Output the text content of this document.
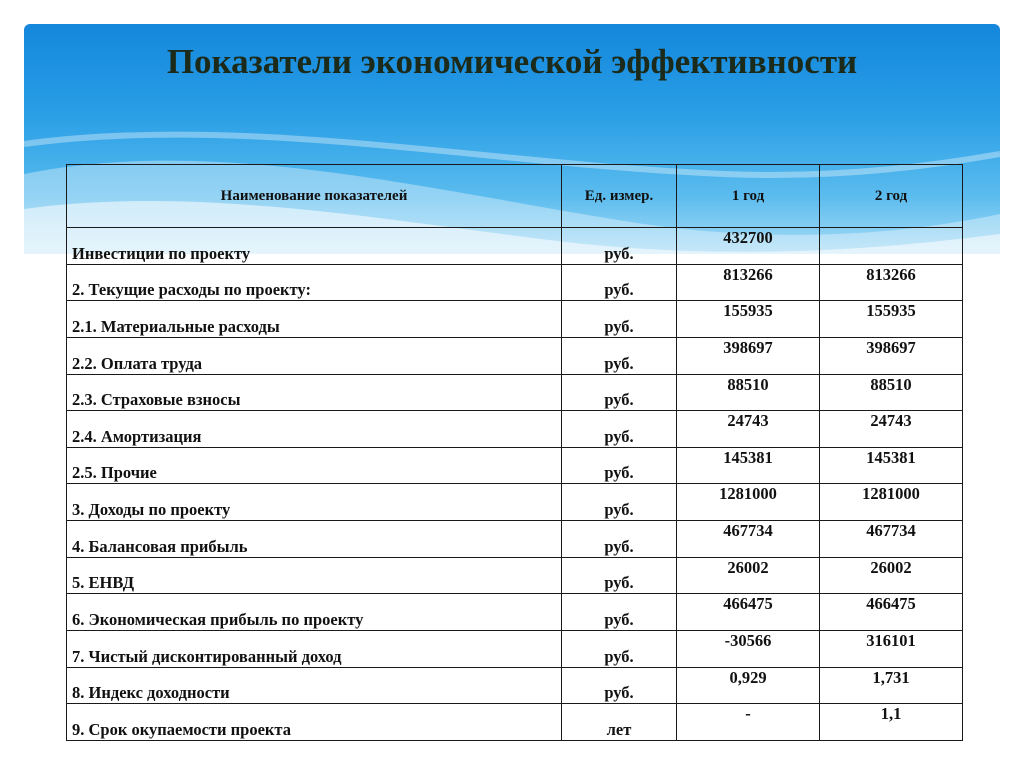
Показатели экономической эффективности
Наименование показателей	Ед. измер.	1 год	2 год
Инвестиции по проекту	руб.	432700	
2. Текущие расходы по проекту:	руб.	813266	813266
2.1. Материальные расходы	руб.	155935	155935
2.2. Оплата труда	руб.	398697	398697
2.3. Страховые взносы	руб.	88510	88510
2.4. Амортизация	руб.	24743	24743
2.5. Прочие	руб.	145381	145381
3. Доходы по проекту	руб.	1281000	1281000
4. Балансовая прибыль	руб.	467734	467734
5. ЕНВД	руб.	26002	26002
6. Экономическая прибыль по проекту	руб.	466475	466475
7. Чистый дисконтированный доход	руб.	-30566	316101
8. Индекс доходности	руб.	0,929	1,731
9. Срок окупаемости проекта	лет	-	1,1
